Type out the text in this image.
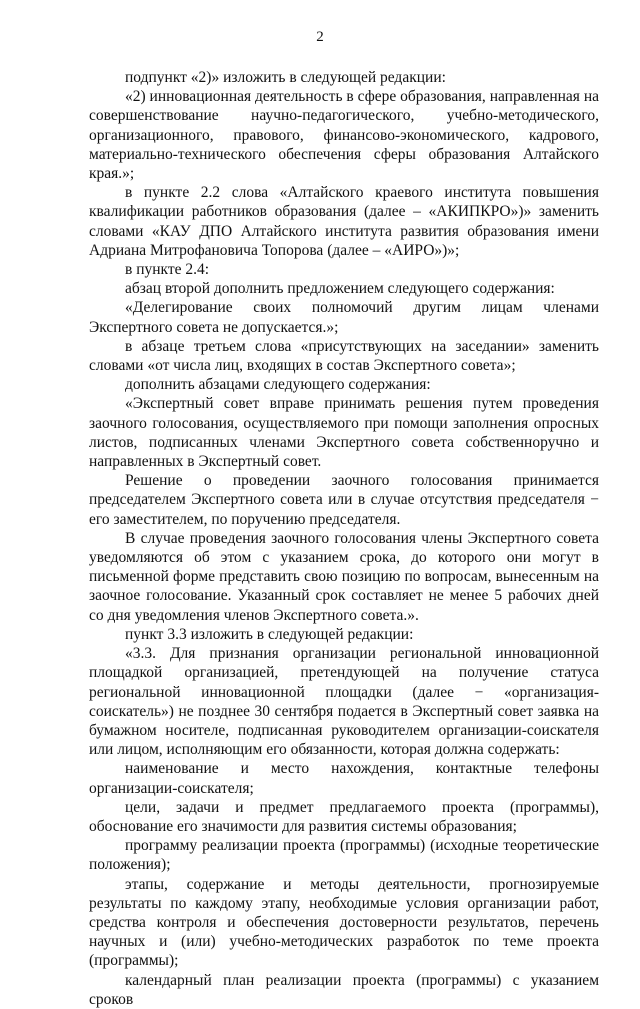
2

подпункт «2)» изложить в следующей редакции:

«2) инновационная деятельность в сфере образования, направленная на совершенствование научно-педагогического, учебно-методического, организационного, правового, финансово-экономического, кадрового, материально-технического обеспечения сферы образования Алтайского края.»;

в пункте 2.2 слова «Алтайского краевого института повышения квалификации работников образования (далее – «АКИПКРО»)» заменить словами «КАУ ДПО Алтайского института развития образования имени Адриана Митрофановича Топорова (далее – «АИРО»)»;

в пункте 2.4:

абзац второй дополнить предложением следующего содержания:

«Делегирование своих полномочий другим лицам членами Экспертного совета не допускается.»;

в абзаце третьем слова «присутствующих на заседании» заменить словами «от числа лиц, входящих в состав Экспертного совета»;

дополнить абзацами следующего содержания:

«Экспертный совет вправе принимать решения путем проведения заочного голосования, осуществляемого при помощи заполнения опросных листов, подписанных членами Экспертного совета собственноручно и направленных в Экспертный совет.

Решение о проведении заочного голосования принимается председателем Экспертного совета или в случае отсутствия председателя − его заместителем, по поручению председателя.

В случае проведения заочного голосования члены Экспертного совета уведомляются об этом с указанием срока, до которого они могут в письменной форме представить свою позицию по вопросам, вынесенным на заочное голосование. Указанный срок составляет не менее 5 рабочих дней со дня уведомления членов Экспертного совета.».

пункт 3.3 изложить в следующей редакции:

«3.3. Для признания организации региональной инновационной площадкой организацией, претендующей на получение статуса региональной инновационной площадки (далее − «организация-соискатель») не позднее 30 сентября подается в Экспертный совет заявка на бумажном носителе, подписанная руководителем организации-соискателя или лицом, исполняющим его обязанности, которая должна содержать:

наименование и место нахождения, контактные телефоны организации-соискателя;

цели, задачи и предмет предлагаемого проекта (программы), обоснование его значимости для развития системы образования;

программу реализации проекта (программы) (исходные теоретические положения);

этапы, содержание и методы деятельности, прогнозируемые результаты по каждому этапу, необходимые условия организации работ, средства контроля и обеспечения достоверности результатов, перечень научных и (или) учебно-методических разработок по теме проекта (программы);

календарный план реализации проекта (программы) с указанием сроков
